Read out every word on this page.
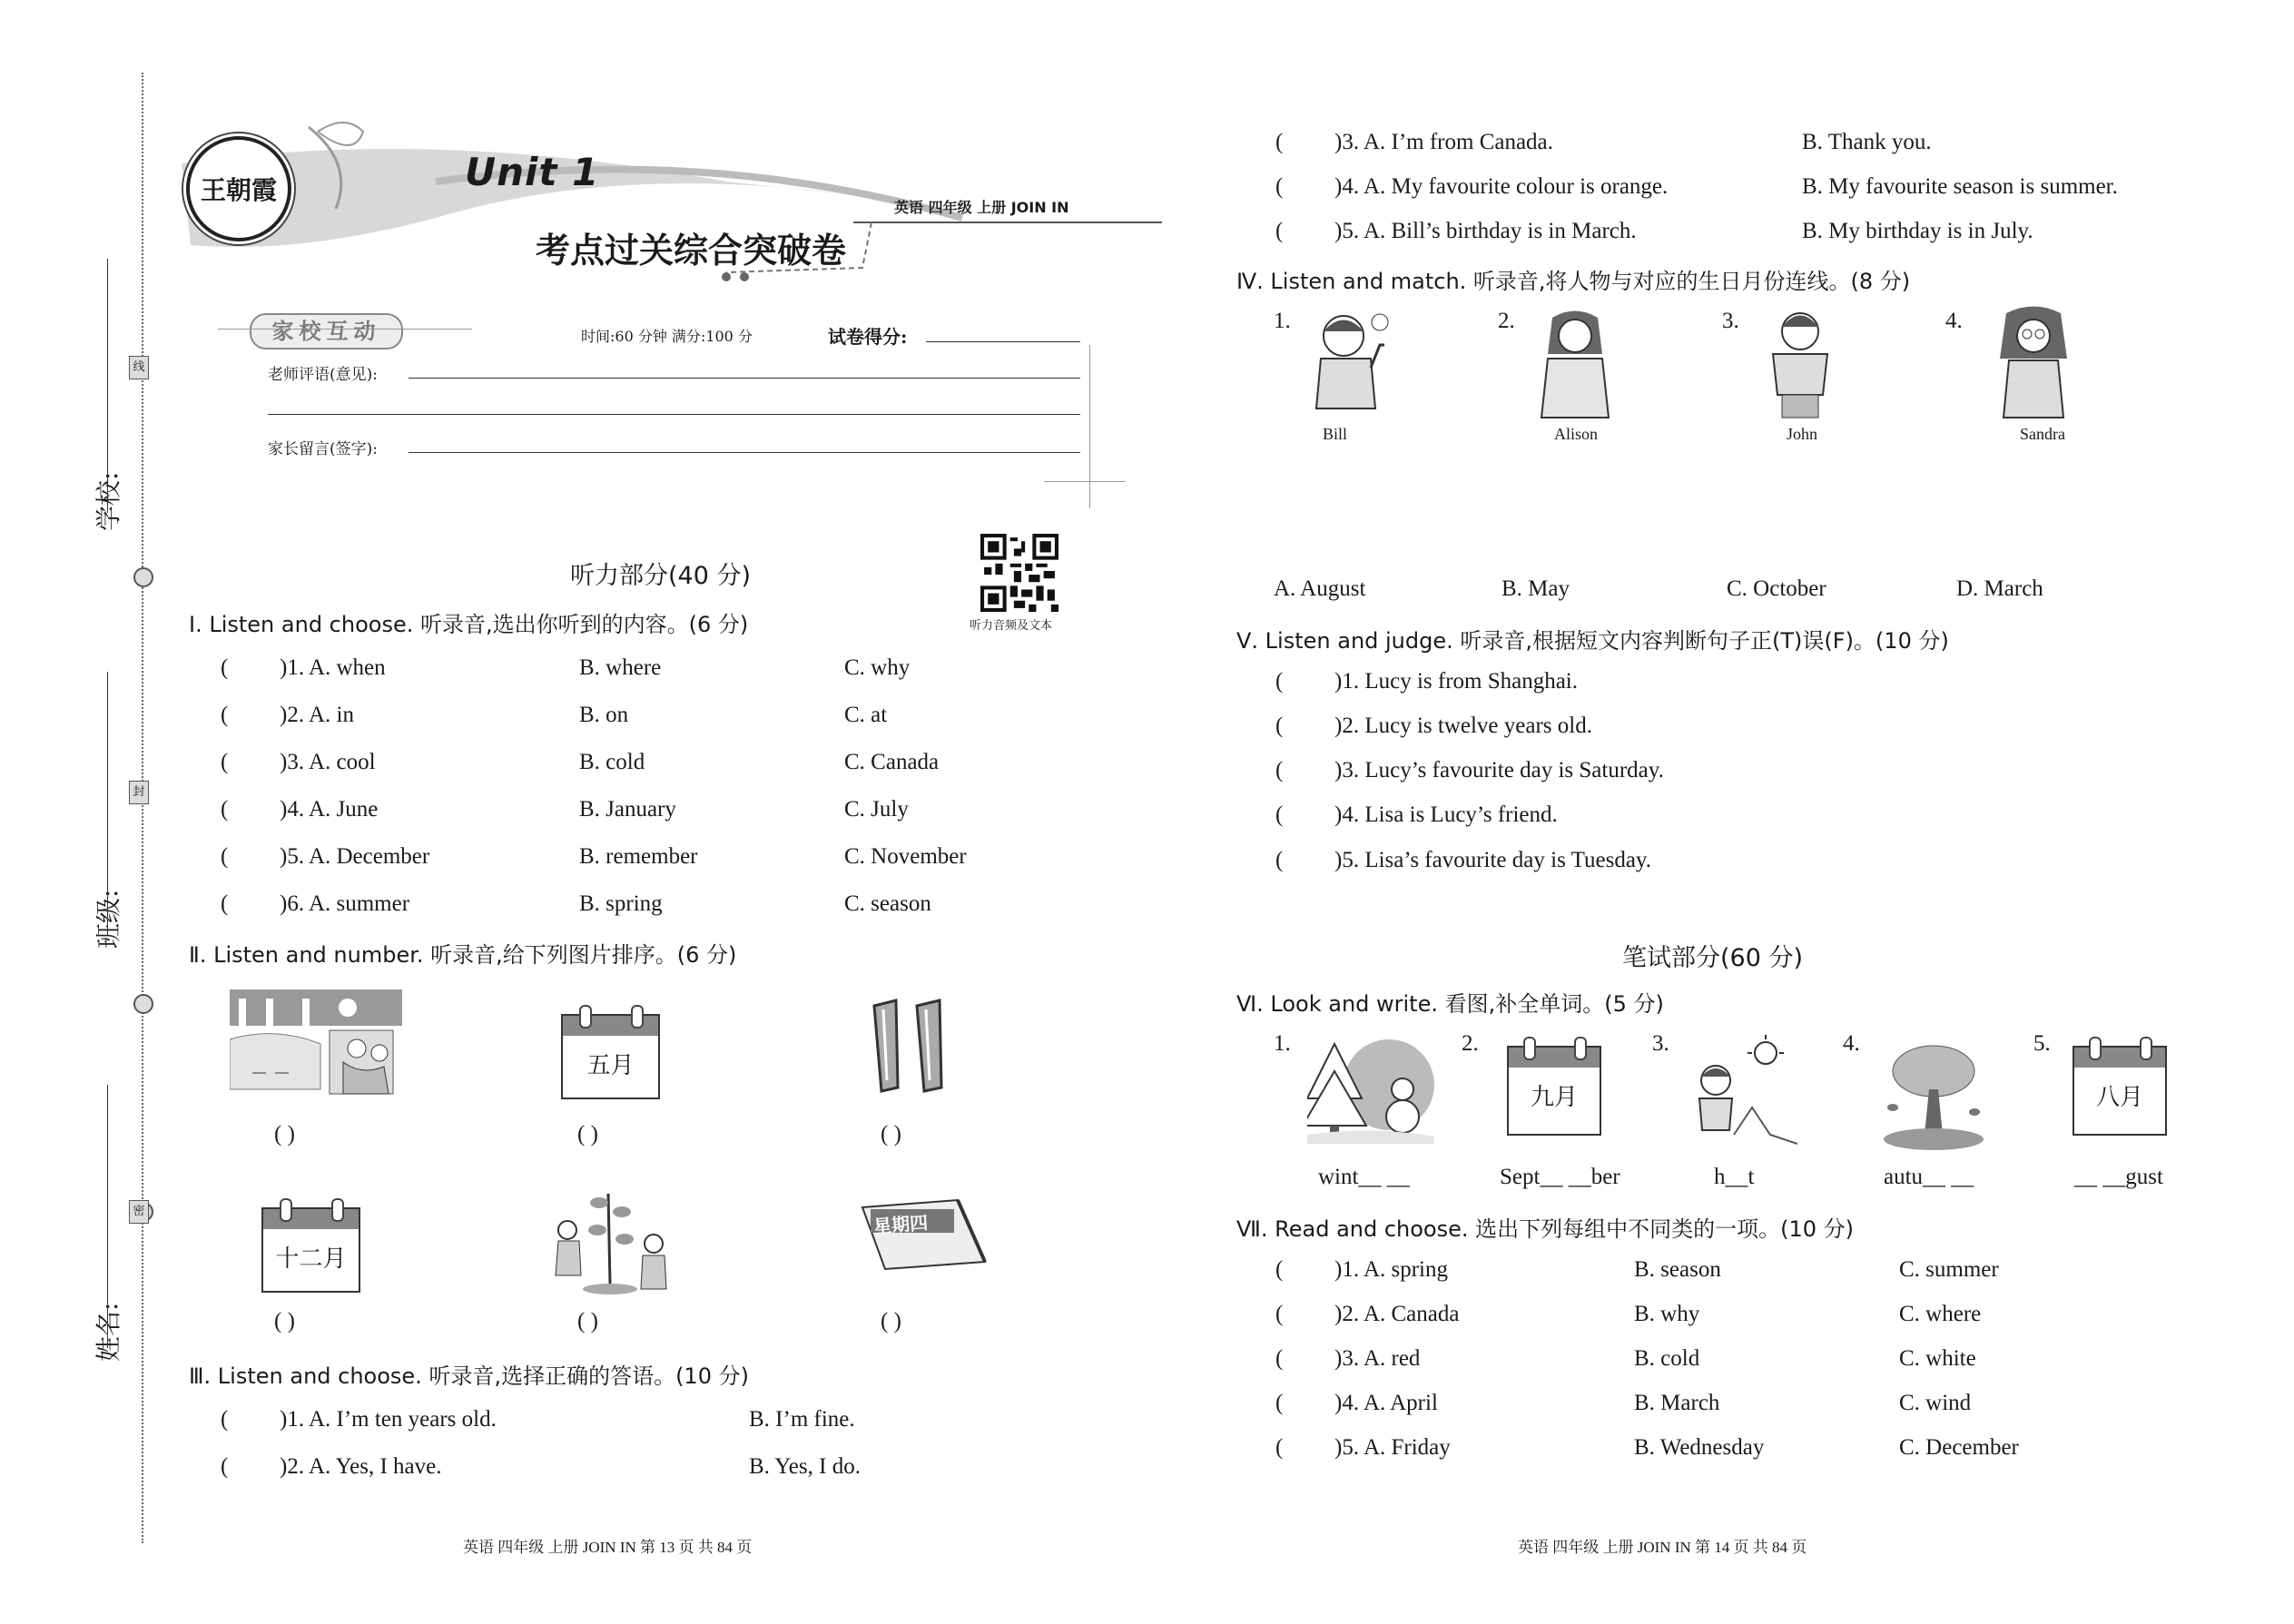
线
封
密
学校:
班级:
姓名:
王朝霞	Unit 1
考点过关综合突破卷
英语 四年级 上册 JOIN IN
家校互动	时间:60 分钟 满分:100 分	试卷得分:
老师评语(意见):
家长留言(签字):
听力音频及文本
听力部分(40 分)
Ⅰ. Listen and choose. 听录音,选出你听到的内容。(6 分)
( )1. A. when	B. where	C. why
( )2. A. in	B. on	C. at
( )3. A. cool	B. cold	C. Canada
( )4. A. June	B. January	C. July
( )5. A. December	B. remember	C. November
( )6. A. summer	B. spring	C. season
Ⅱ. Listen and number. 听录音,给下列图片排序。(6 分)
五月
( )	( )	( )
十二月
星期四
( )	( )	( )
Ⅲ. Listen and choose. 听录音,选择正确的答语。(10 分)
( )1. A. I’m ten years old.	B. I’m fine.
( )2. A. Yes, I have.	B. Yes, I do.
英语 四年级 上册 JOIN IN 第 13 页 共 84 页
( )3. A. I’m from Canada.	B. Thank you.
( )4. A. My favourite colour is orange.	B. My favourite season is summer.
( )5. A. Bill’s birthday is in March.	B. My birthday is in July.
Ⅳ. Listen and match. 听录音,将人物与对应的生日月份连线。(8 分)
1.	2.	3.	4.
Bill	Alison	John	Sandra
A. August	B. May	C. October	D. March
Ⅴ. Listen and judge. 听录音,根据短文内容判断句子正(T)误(F)。(10 分)
( )1. Lucy is from Shanghai.
( )2. Lucy is twelve years old.
( )3. Lucy’s favourite day is Saturday.
( )4. Lisa is Lucy’s friend.
( )5. Lisa’s favourite day is Tuesday.
笔试部分(60 分)
Ⅵ. Look and write. 看图,补全单词。(5 分)
1.	2.	3.	4.	5.
九月	八月
wint__ __	Sept__ __ber	h__t	autu__ __	__ __gust
Ⅶ. Read and choose. 选出下列每组中不同类的一项。(10 分)
( )1. A. spring	B. season	C. summer
( )2. A. Canada	B. why	C. where
( )3. A. red	B. cold	C. white
( )4. A. April	B. March	C. wind
( )5. A. Friday	B. Wednesday	C. December
英语 四年级 上册 JOIN IN 第 14 页 共 84 页
